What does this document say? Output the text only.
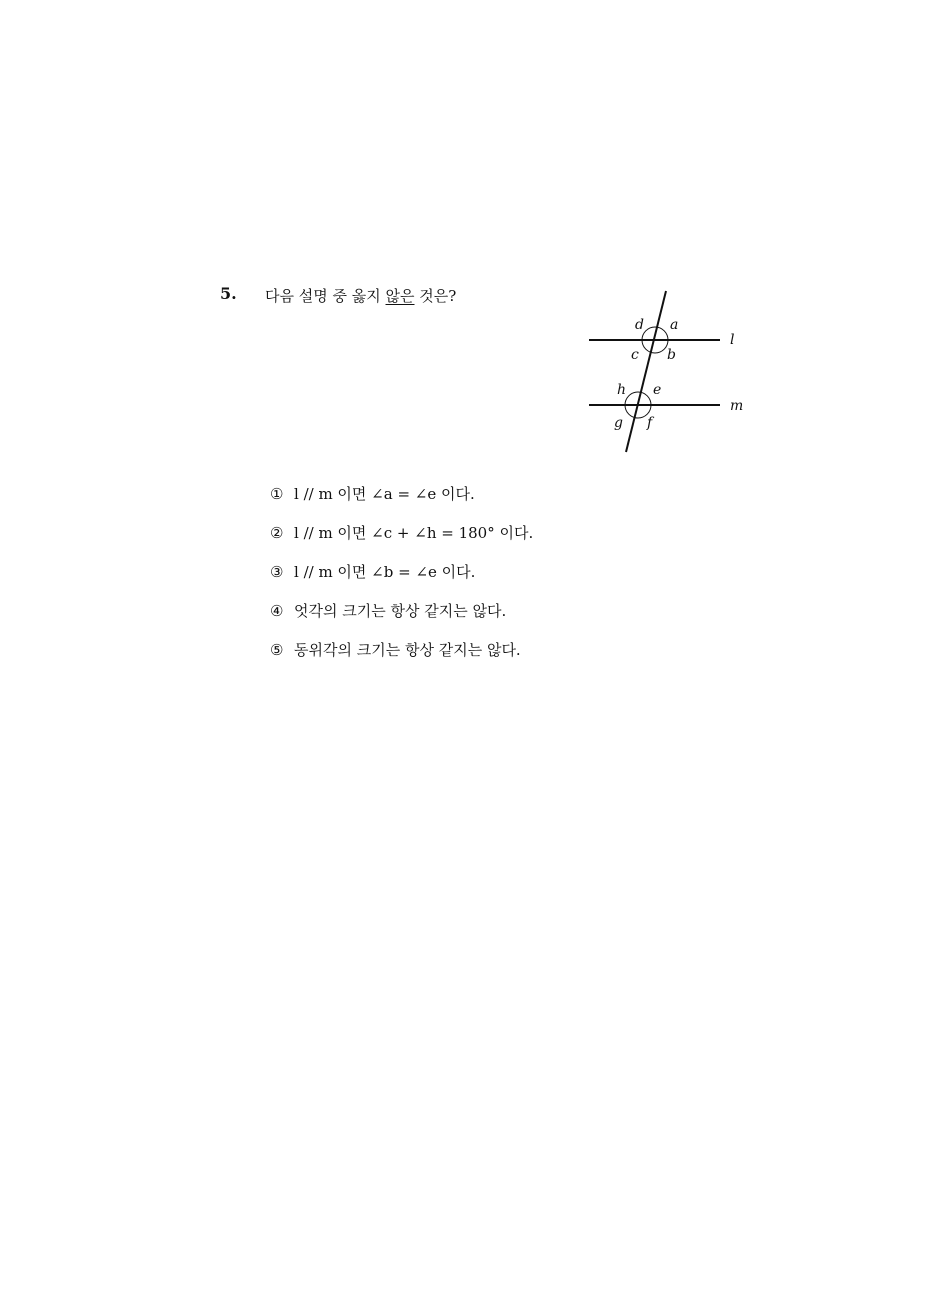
5. 다음 설명 중 옳지 않은 것은?
d a
c b
h e
g f
l
m
① l // m 이면 ∠a = ∠e 이다.
② l // m 이면 ∠c + ∠h = 180° 이다.
③ l // m 이면 ∠b = ∠e 이다.
④ 엇각의 크기는 항상 같지는 않다.
⑤ 동위각의 크기는 항상 같지는 않다.
